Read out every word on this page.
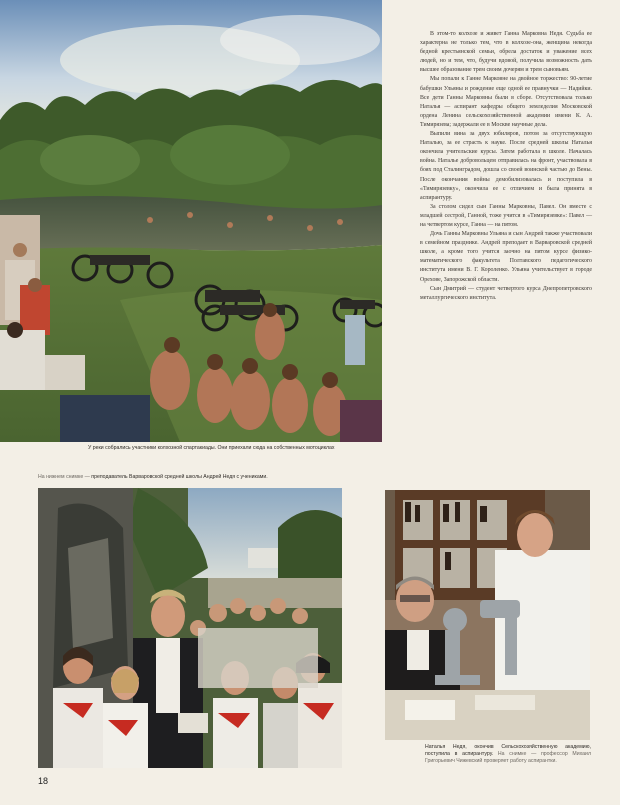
У реки собрались участники колхозной спартакиады. Они приехали сюда на собственных мотоциклах

В этом-то колхозе и живет Ганна Марковна Недя. Судьба ее характерна не только тем, что в колхозе-она, женщина некогда бедной крестьянской семьи, обрела достаток и уважение всех людей, но и тем, что, будучи вдовой, получила возможность дать высшее образование трем своим дочерям и трем сыновьям.

Мы попали к Ганне Марковне на двойное торжество: 90-летие бабушки Ульяны и рождение еще одной ее правнучки — Надийки. Все дети Ганны Марковны были в сборе. Отсутствовала только Наталья — аспирант кафедры общего земледелия Московской ордена Ленина сельскохозяйственной академии имени К. А. Тимирязева; задержали ее в Москве научные дела.

Выпили вина за двух юбиляров, потом за отсутствующую Наталью, за ее страсть к науке. После средней школы Наталья окончила учительские курсы. Затем работала в школе. Началась война. Наталье добровольцем отправилась на фронт, участвовала в боях под Сталинградом, дошла со своей воинской частью до Вены. После окончания войны демобилизовалась и поступила в «Тимирязевку», окончила ее с отличием и была принята в аспирантуру.

За столом сидел сын Ганны Марковны, Павел. Он вместе с младшей сестрой, Ганной, тоже учится в «Тимирязевке»: Павел — на четвертом курсе, Ганна — на пятом.

Дочь Ганны Марковны Ульяна и сын Андрей также участвовали в семейном празднике. Андрей преподает в Варваровской средней школе, а кроме того учится заочно на пятом курсе физико-математического факультета Полтавского педагогического института имени В. Г. Короленко. Ульяна учительствует в городе Орехове, Запорожской области.

Сын Дмитрий — студент четвертого курса Днепропетровского металлургического института.

На нижнем снимке — преподаватель Варваровской средней школы Андрей Недя с учениками.
Наталья Недя, окончив Сельскохозяйственную академию, поступила в аспирантуру. На снимке — профессор Михаил Григорьевич Чижевский проверяет работу аспирантки.
18
